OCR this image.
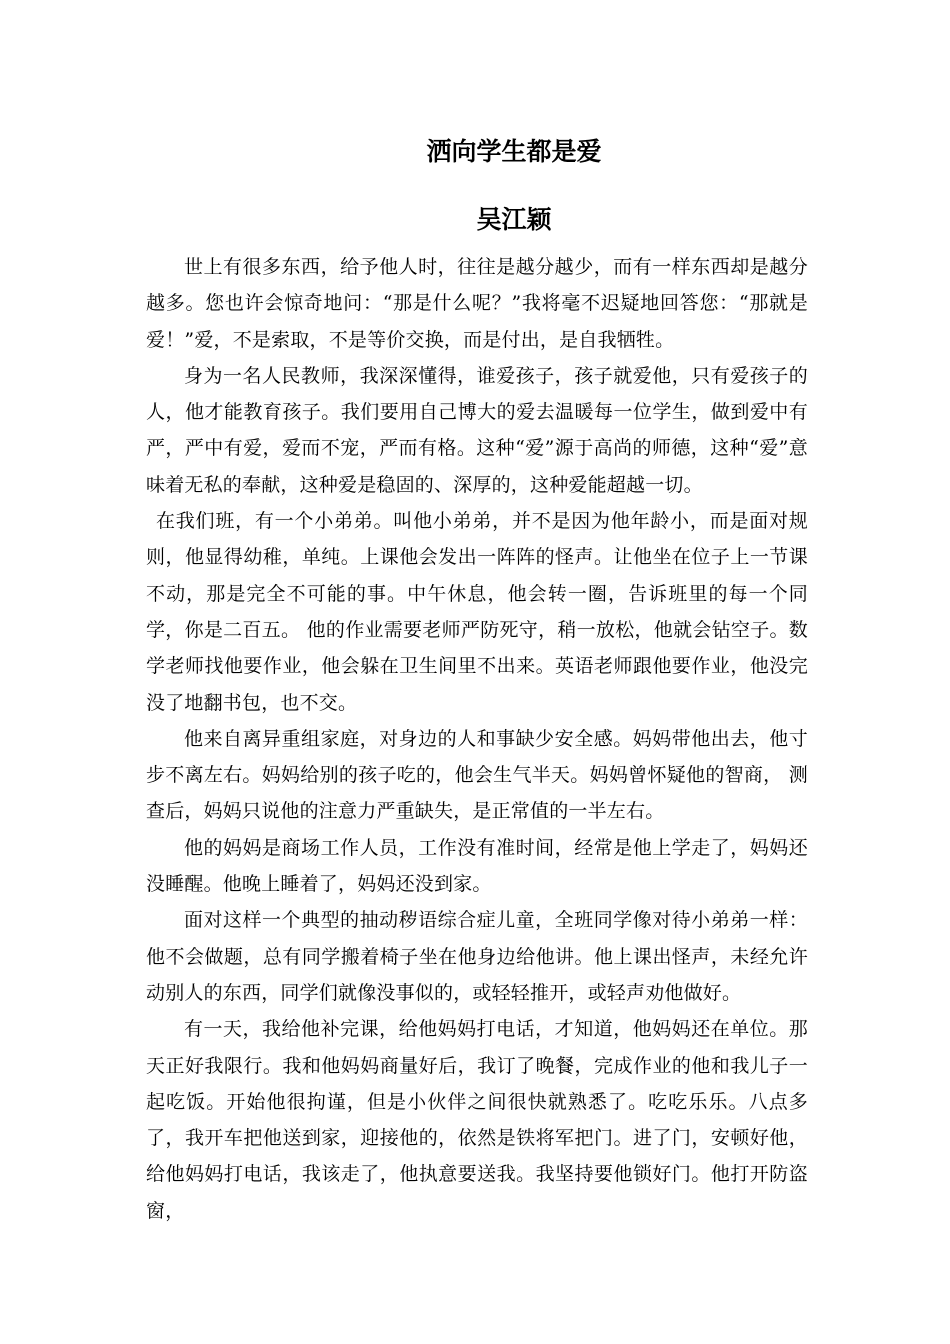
洒向学生都是爱
吴江颖

世上有很多东西，给予他人时，往往是越分越少，而有一样东西却是越分越多。您也许会惊奇地问：“那是什么呢？”我将毫不迟疑地回答您：“那就是爱！”爱，不是索取，不是等价交换，而是付出，是自我牺牲。

身为一名人民教师，我深深懂得，谁爱孩子，孩子就爱他，只有爱孩子的人，他才能教育孩子。我们要用自己博大的爱去温暖每一位学生，做到爱中有严，严中有爱，爱而不宠，严而有格。这种“爱”源于高尚的师德，这种“爱”意味着无私的奉献，这种爱是稳固的、深厚的，这种爱能超越一切。

在我们班，有一个小弟弟。叫他小弟弟，并不是因为他年龄小，而是面对规则，他显得幼稚，单纯。上课他会发出一阵阵的怪声。让他坐在位子上一节课不动，那是完全不可能的事。中午休息，他会转一圈，告诉班里的每一个同学，你是二百五。 他的作业需要老师严防死守，稍一放松，他就会钻空子。数学老师找他要作业，他会躲在卫生间里不出来。英语老师跟他要作业，他没完没了地翻书包，也不交。

他来自离异重组家庭，对身边的人和事缺少安全感。妈妈带他出去，他寸步不离左右。妈妈给别的孩子吃的，他会生气半天。妈妈曾怀疑他的智商， 测查后，妈妈只说他的注意力严重缺失，是正常值的一半左右。

他的妈妈是商场工作人员，工作没有准时间，经常是他上学走了，妈妈还没睡醒。他晚上睡着了，妈妈还没到家。

面对这样一个典型的抽动秽语综合症儿童，全班同学像对待小弟弟一样：他不会做题，总有同学搬着椅子坐在他身边给他讲。他上课出怪声，未经允许动别人的东西，同学们就像没事似的，或轻轻推开，或轻声劝他做好。

有一天，我给他补完课，给他妈妈打电话，才知道，他妈妈还在单位。那天正好我限行。我和他妈妈商量好后，我订了晚餐，完成作业的他和我儿子一起吃饭。开始他很拘谨，但是小伙伴之间很快就熟悉了。吃吃乐乐。八点多了，我开车把他送到家，迎接他的，依然是铁将军把门。进了门，安顿好他，给他妈妈打电话，我该走了，他执意要送我。我坚持要他锁好门。他打开防盗窗，
